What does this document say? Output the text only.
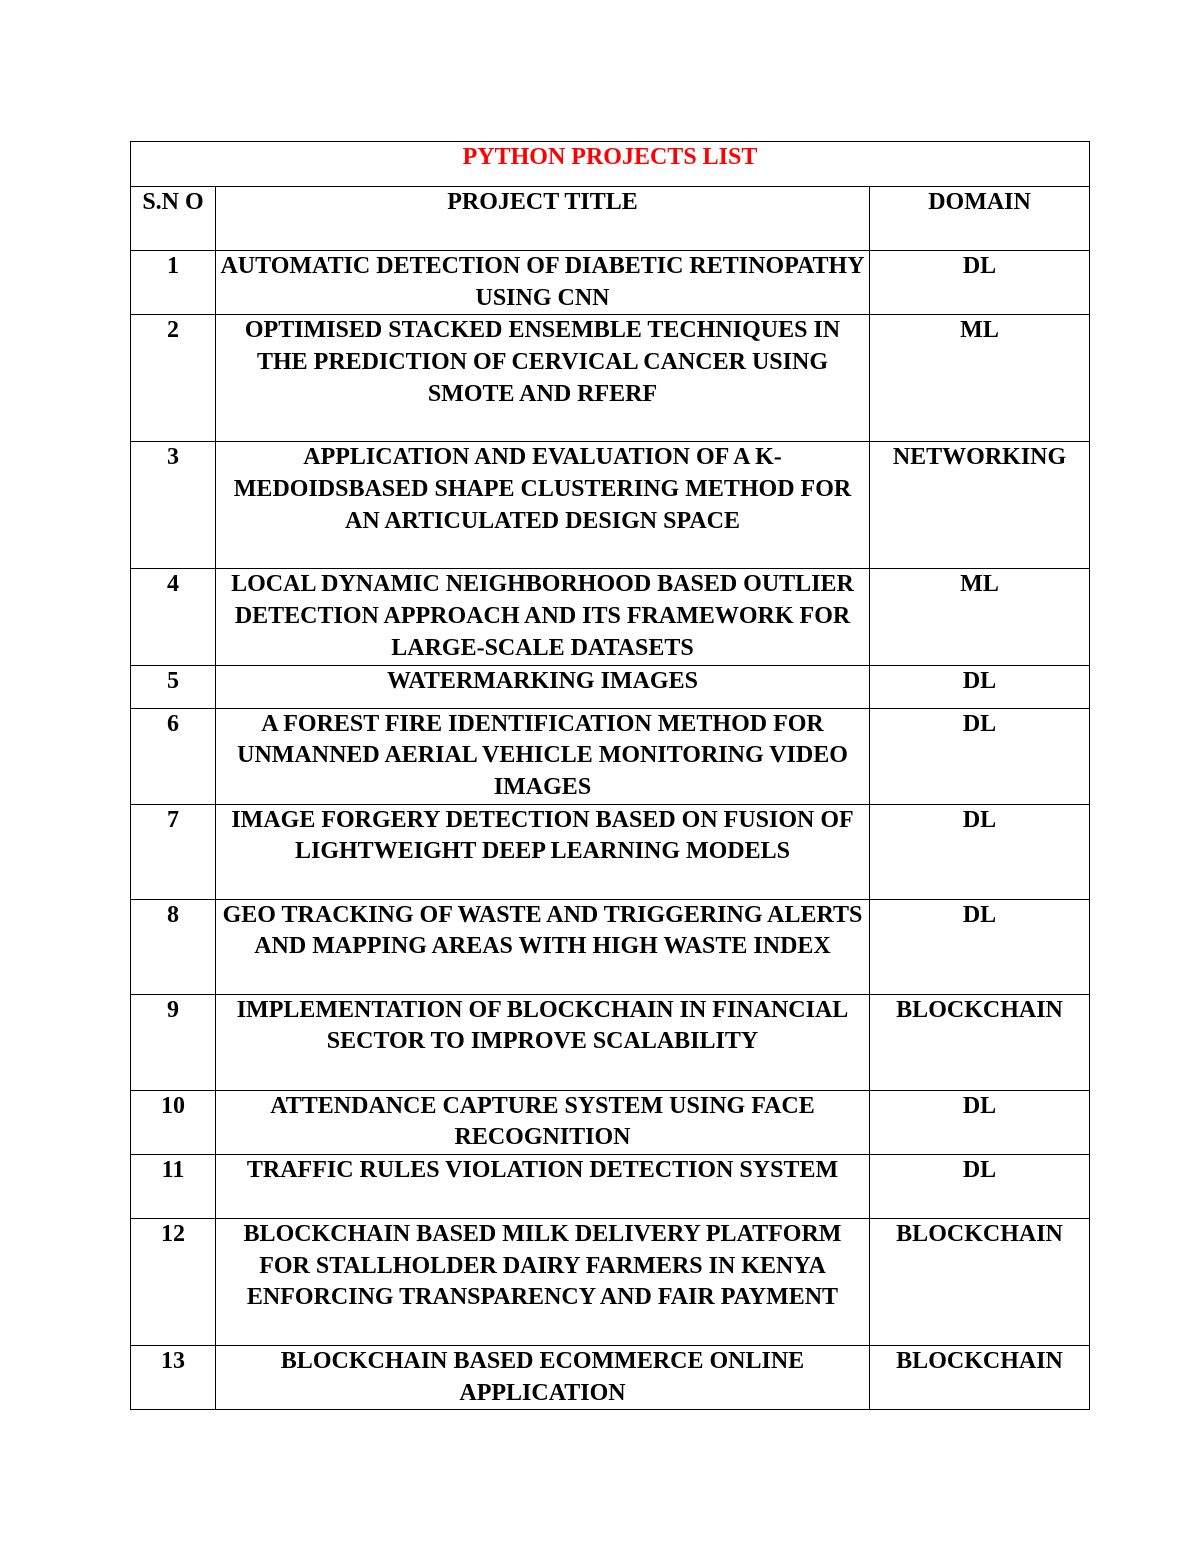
PYTHON PROJECTS LIST		
S.N O	PROJECT TITLE	DOMAIN
1	AUTOMATIC DETECTION OF DIABETIC RETINOPATHY USING CNN	DL
2	OPTIMISED STACKED ENSEMBLE TECHNIQUES IN THE PREDICTION OF CERVICAL CANCER USING SMOTE AND RFERF	ML
3	APPLICATION AND EVALUATION OF A K-MEDOIDSBASED SHAPE CLUSTERING METHOD FOR AN ARTICULATED DESIGN SPACE	NETWORKING
4	LOCAL DYNAMIC NEIGHBORHOOD BASED OUTLIER DETECTION APPROACH AND ITS FRAMEWORK FOR LARGE-SCALE DATASETS	ML
5	WATERMARKING IMAGES	DL
6	A FOREST FIRE IDENTIFICATION METHOD FOR UNMANNED AERIAL VEHICLE MONITORING VIDEO IMAGES	DL
7	IMAGE FORGERY DETECTION BASED ON FUSION OF LIGHTWEIGHT DEEP LEARNING MODELS	DL
8	GEO TRACKING OF WASTE AND TRIGGERING ALERTS AND MAPPING AREAS WITH HIGH WASTE INDEX	DL
9	IMPLEMENTATION OF BLOCKCHAIN IN FINANCIAL SECTOR TO IMPROVE SCALABILITY	BLOCKCHAIN
10	ATTENDANCE CAPTURE SYSTEM USING FACE RECOGNITION	DL
11	TRAFFIC RULES VIOLATION DETECTION SYSTEM	DL
12	BLOCKCHAIN BASED MILK DELIVERY PLATFORM FOR STALLHOLDER DAIRY FARMERS IN KENYA ENFORCING TRANSPARENCY AND FAIR PAYMENT	BLOCKCHAIN
13	BLOCKCHAIN BASED ECOMMERCE ONLINE APPLICATION	BLOCKCHAIN
